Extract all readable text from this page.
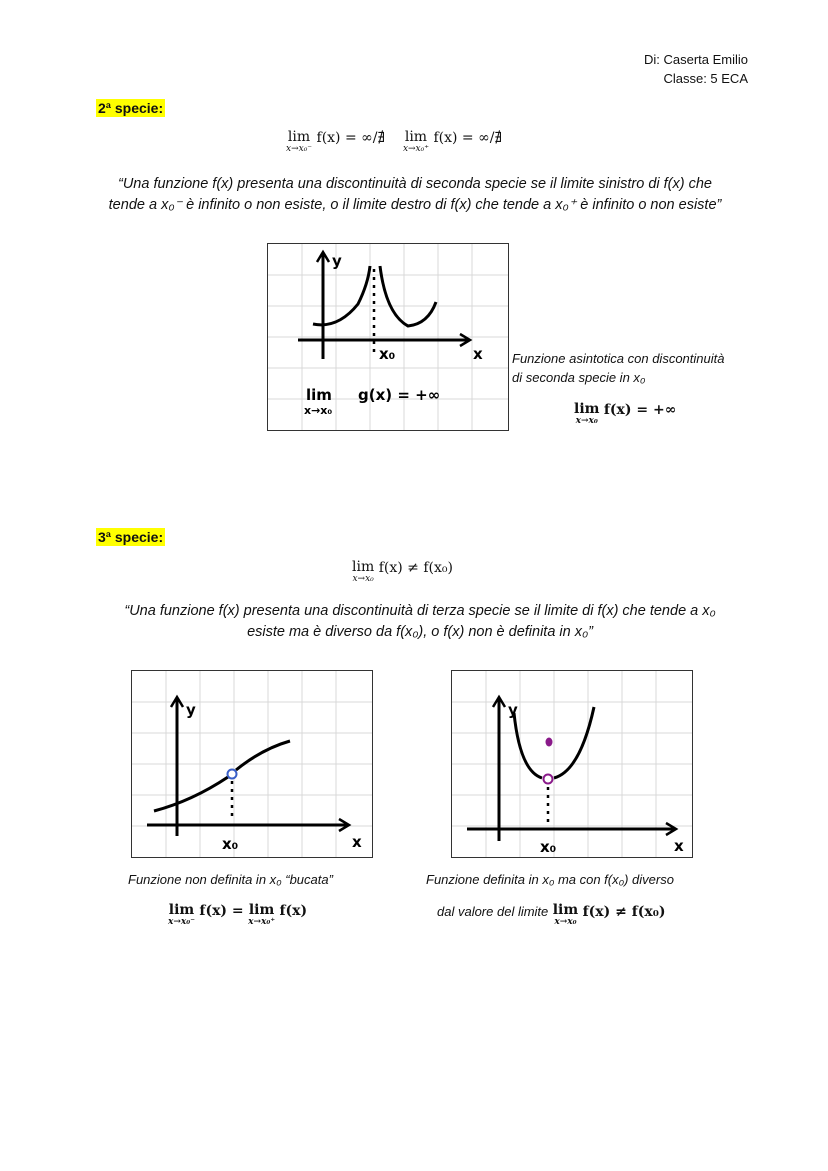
Di: Caserta Emilio
Classe: 5 ECA
2ª specie:
lim
x→x₀⁻
f(x) = ∞/∄ lim
x→x₀⁺
f(x) = ∞/∄
“Una funzione f(x) presenta una discontinuità di seconda specie se il limite sinistro di f(x) che
tende a x₀⁻ è infinito o non esiste, o il limite destro di f(x) che tende a x₀⁺ è infinito o non esiste”
y
x
x₀
lim
x→x₀
g(x) = +∞
Funzione asintotica con discontinuità
di seconda specie in x₀
lim
x→x₀
f(x) = +∞
3ª specie:
lim
x→x₀
f(x) ≠ f(x₀)
“Una funzione f(x) presenta una discontinuità di terza specie se il limite di f(x) che tende a x₀
esiste ma è diverso da f(x₀), o f(x) non è definita in x₀”
y
x
x₀
y
x
x₀
Funzione non definita in x₀ “bucata”
lim
x→x₀⁻
f(x) = lim
x→x₀⁺
f(x)
Funzione definita in x₀ ma con f(x₀) diverso
dal valore del limite lim
x→x₀
f(x) ≠ f(x₀)
